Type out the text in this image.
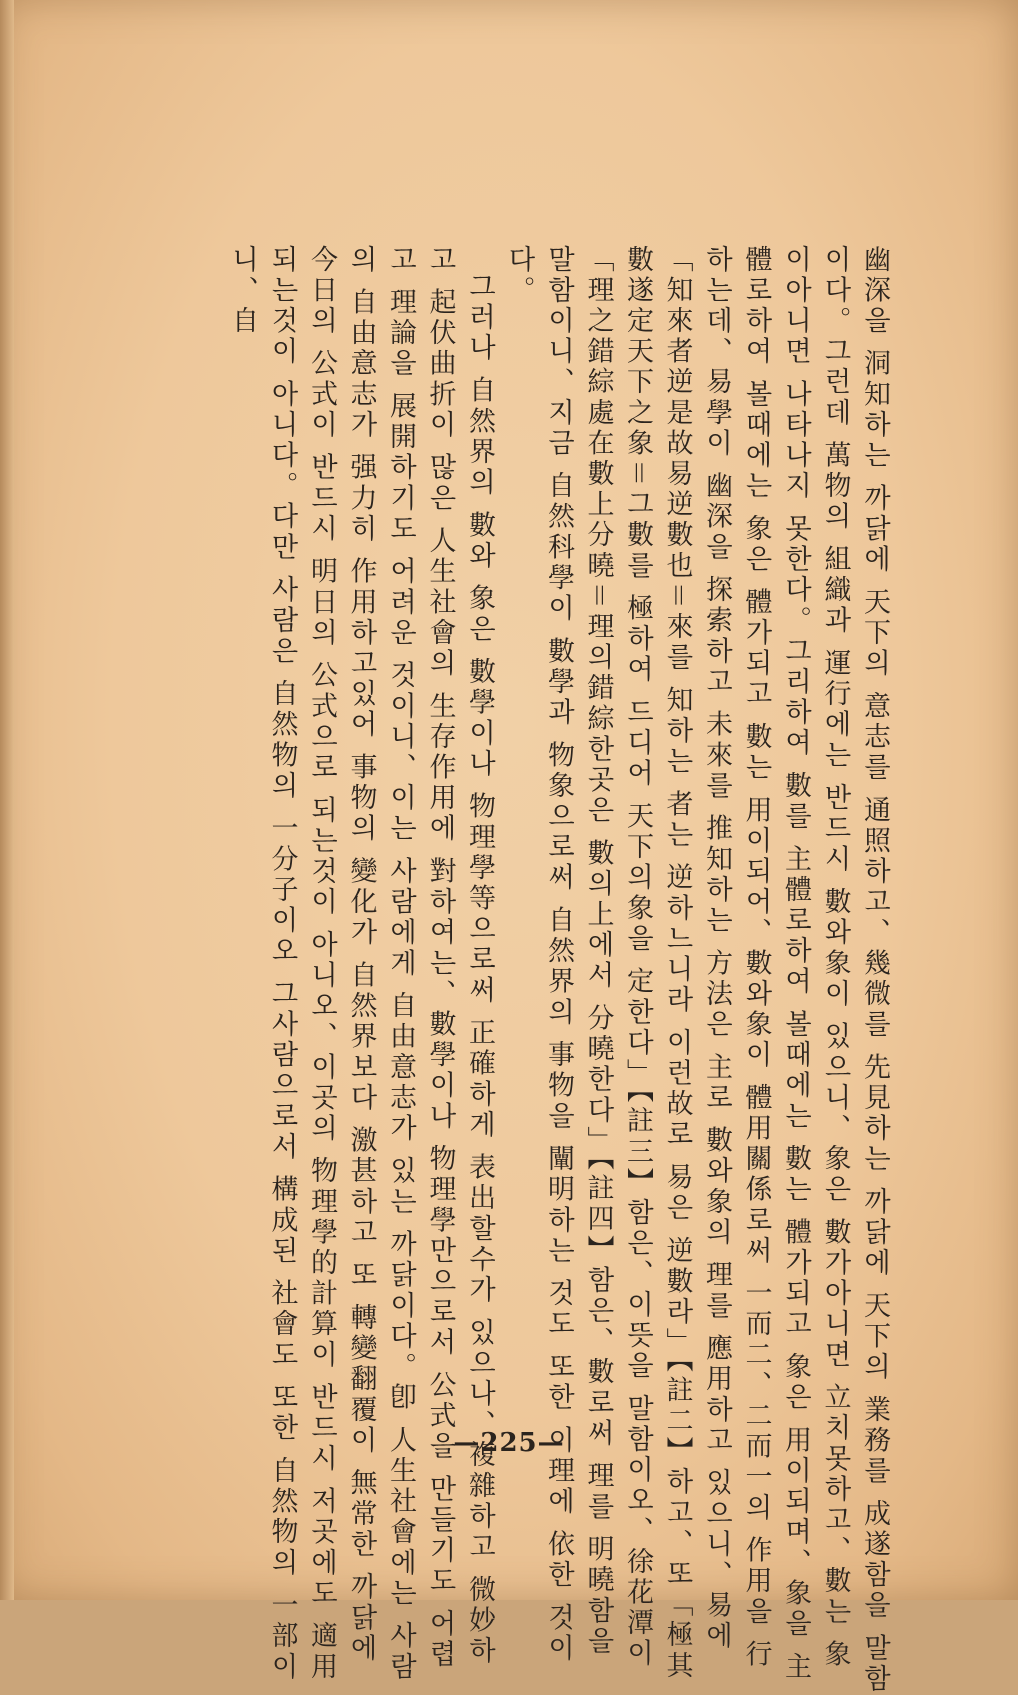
幽深을 洞知하는 까닭에 天下의 意志를 通照하고、幾微를 先見하는 까닭에 天下의 業務를 成遂함을 말함이다。그런데 萬物의 組織과 運行에는 반드시 數와象이 있으니、象은 數가아니면 立치못하고、數는 象이아니면 나타나지 못한다。그리하여 數를 主體로하여 볼때에는 數는 體가되고 象은 用이되며、象을 主體로하여 볼때에는 象은 體가되고 數는 用이되어、數와象이 體用關係로써 一而二、二而一의 作用을 行하는데、易學이 幽深을 探索하고 未來를 推知하는 方法은 主로 數와象의 理를 應用하고 있으니、易에「知來者逆是故易逆數也＝來를 知하는 者는 逆하느니라 이런故로 易은 逆數라」【註二】하고、또「極其數遂定天下之象＝그數를 極하여 드디어 天下의象을 定한다」【註三】함은、이뜻을 말함이오、徐花潭이「理之錯綜處在數上分曉＝理의錯綜한곳은 數의上에서 分曉한다」【註四】함은、數로써 理를 明曉함을 말함이니、지금 自然科學이 數學과 物象으로써 自然界의 事物을 闡明하는 것도 또한 이理에 依한 것이다。

그러나 自然界의 數와 象은 數學이나 物理學等으로써 正確하게 表出할수가 있으나、複雜하고 微妙하고 起伏曲折이 많은 人生社會의 生存作用에 對하여는、數學이나 物理學만으로서 公式을 만들기도 어렵고 理論을 展開하기도 어려운 것이니、이는 사람에게 自由意志가 있는 까닭이다。卽 人生社會에는 사람의 自由意志가 强力히 作用하고있어 事物의 變化가 自然界보다 激甚하고 또 轉變翻覆이 無常한 까닭에 今日의 公式이 반드시 明日의 公式으로 되는것이 아니오、이곳의 物理學的計算이 반드시 저곳에도 適用되는것이 아니다。다만 사람은 自然物의 一分子이오 그사람으로서 構成된 社會도 또한 自然物의 一部이니、自

—225—
